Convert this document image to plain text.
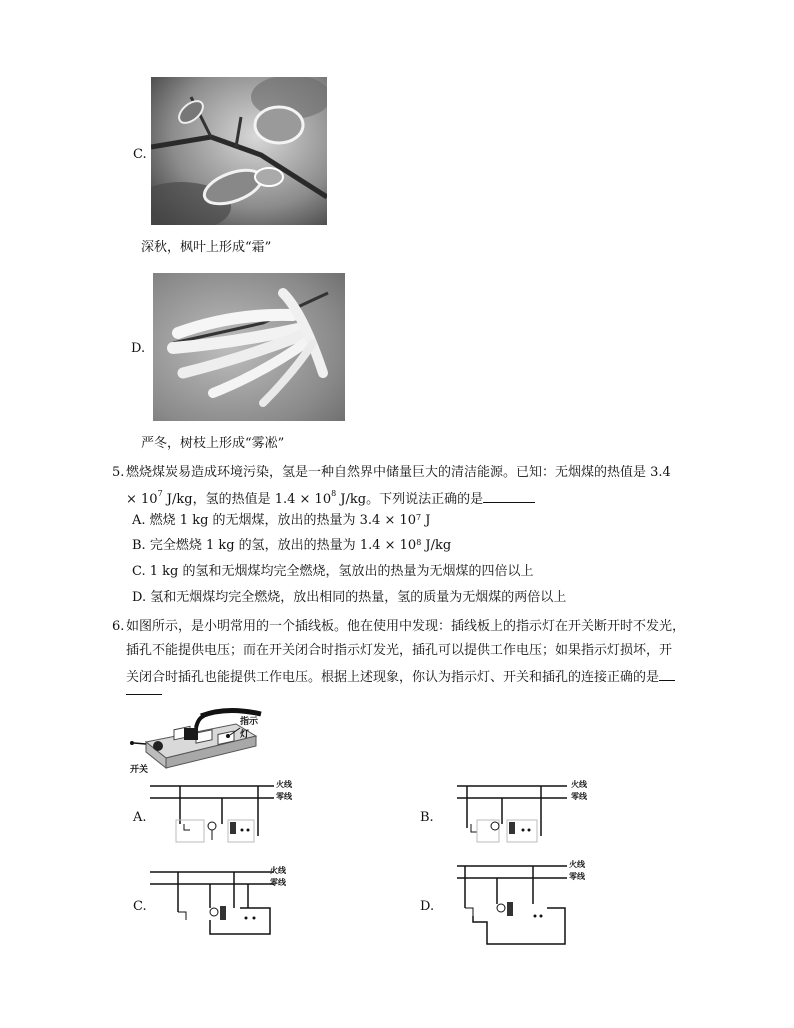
C.
深秋，枫叶上形成“霜”
D.
严冬，树枝上形成“雾凇”
5. 燃烧煤炭易造成环境污染，氢是一种自然界中储量巨大的清洁能源。已知：无烟煤的热值是 3.4
× $10^7$ J/kg，氢的热值是 $1.4 \times 10^8$ J/kg。下列说法正确的是
A. 燃烧 1 kg 的无烟煤，放出的热量为 $3.4 \times 10^7$ J
B. 完全燃烧 1 kg 的氢，放出的热量为 $1.4 \times 10^8$ J/kg
C. 1 kg 的氢和无烟煤均完全燃烧，氢放出的热量为无烟煤的四倍以上
D. 氢和无烟煤均完全燃烧，放出相同的热量，氢的质量为无烟煤的两倍以上
6. 如图所示，是小明常用的一个插线板。他在使用中发现：插线板上的指示灯在开关断开时不发光，
插孔不能提供电压；而在开关闭合时指示灯发光，插孔可以提供工作电压；如果指示灯损坏，开
关闭合时插孔也能提供工作电压。根据上述现象，你认为指示灯、开关和插孔的连接正确的是
指示灯
开关
A.
火线
零线
B.
火线
零线
C.
火线
零线
D.
火线
零线
